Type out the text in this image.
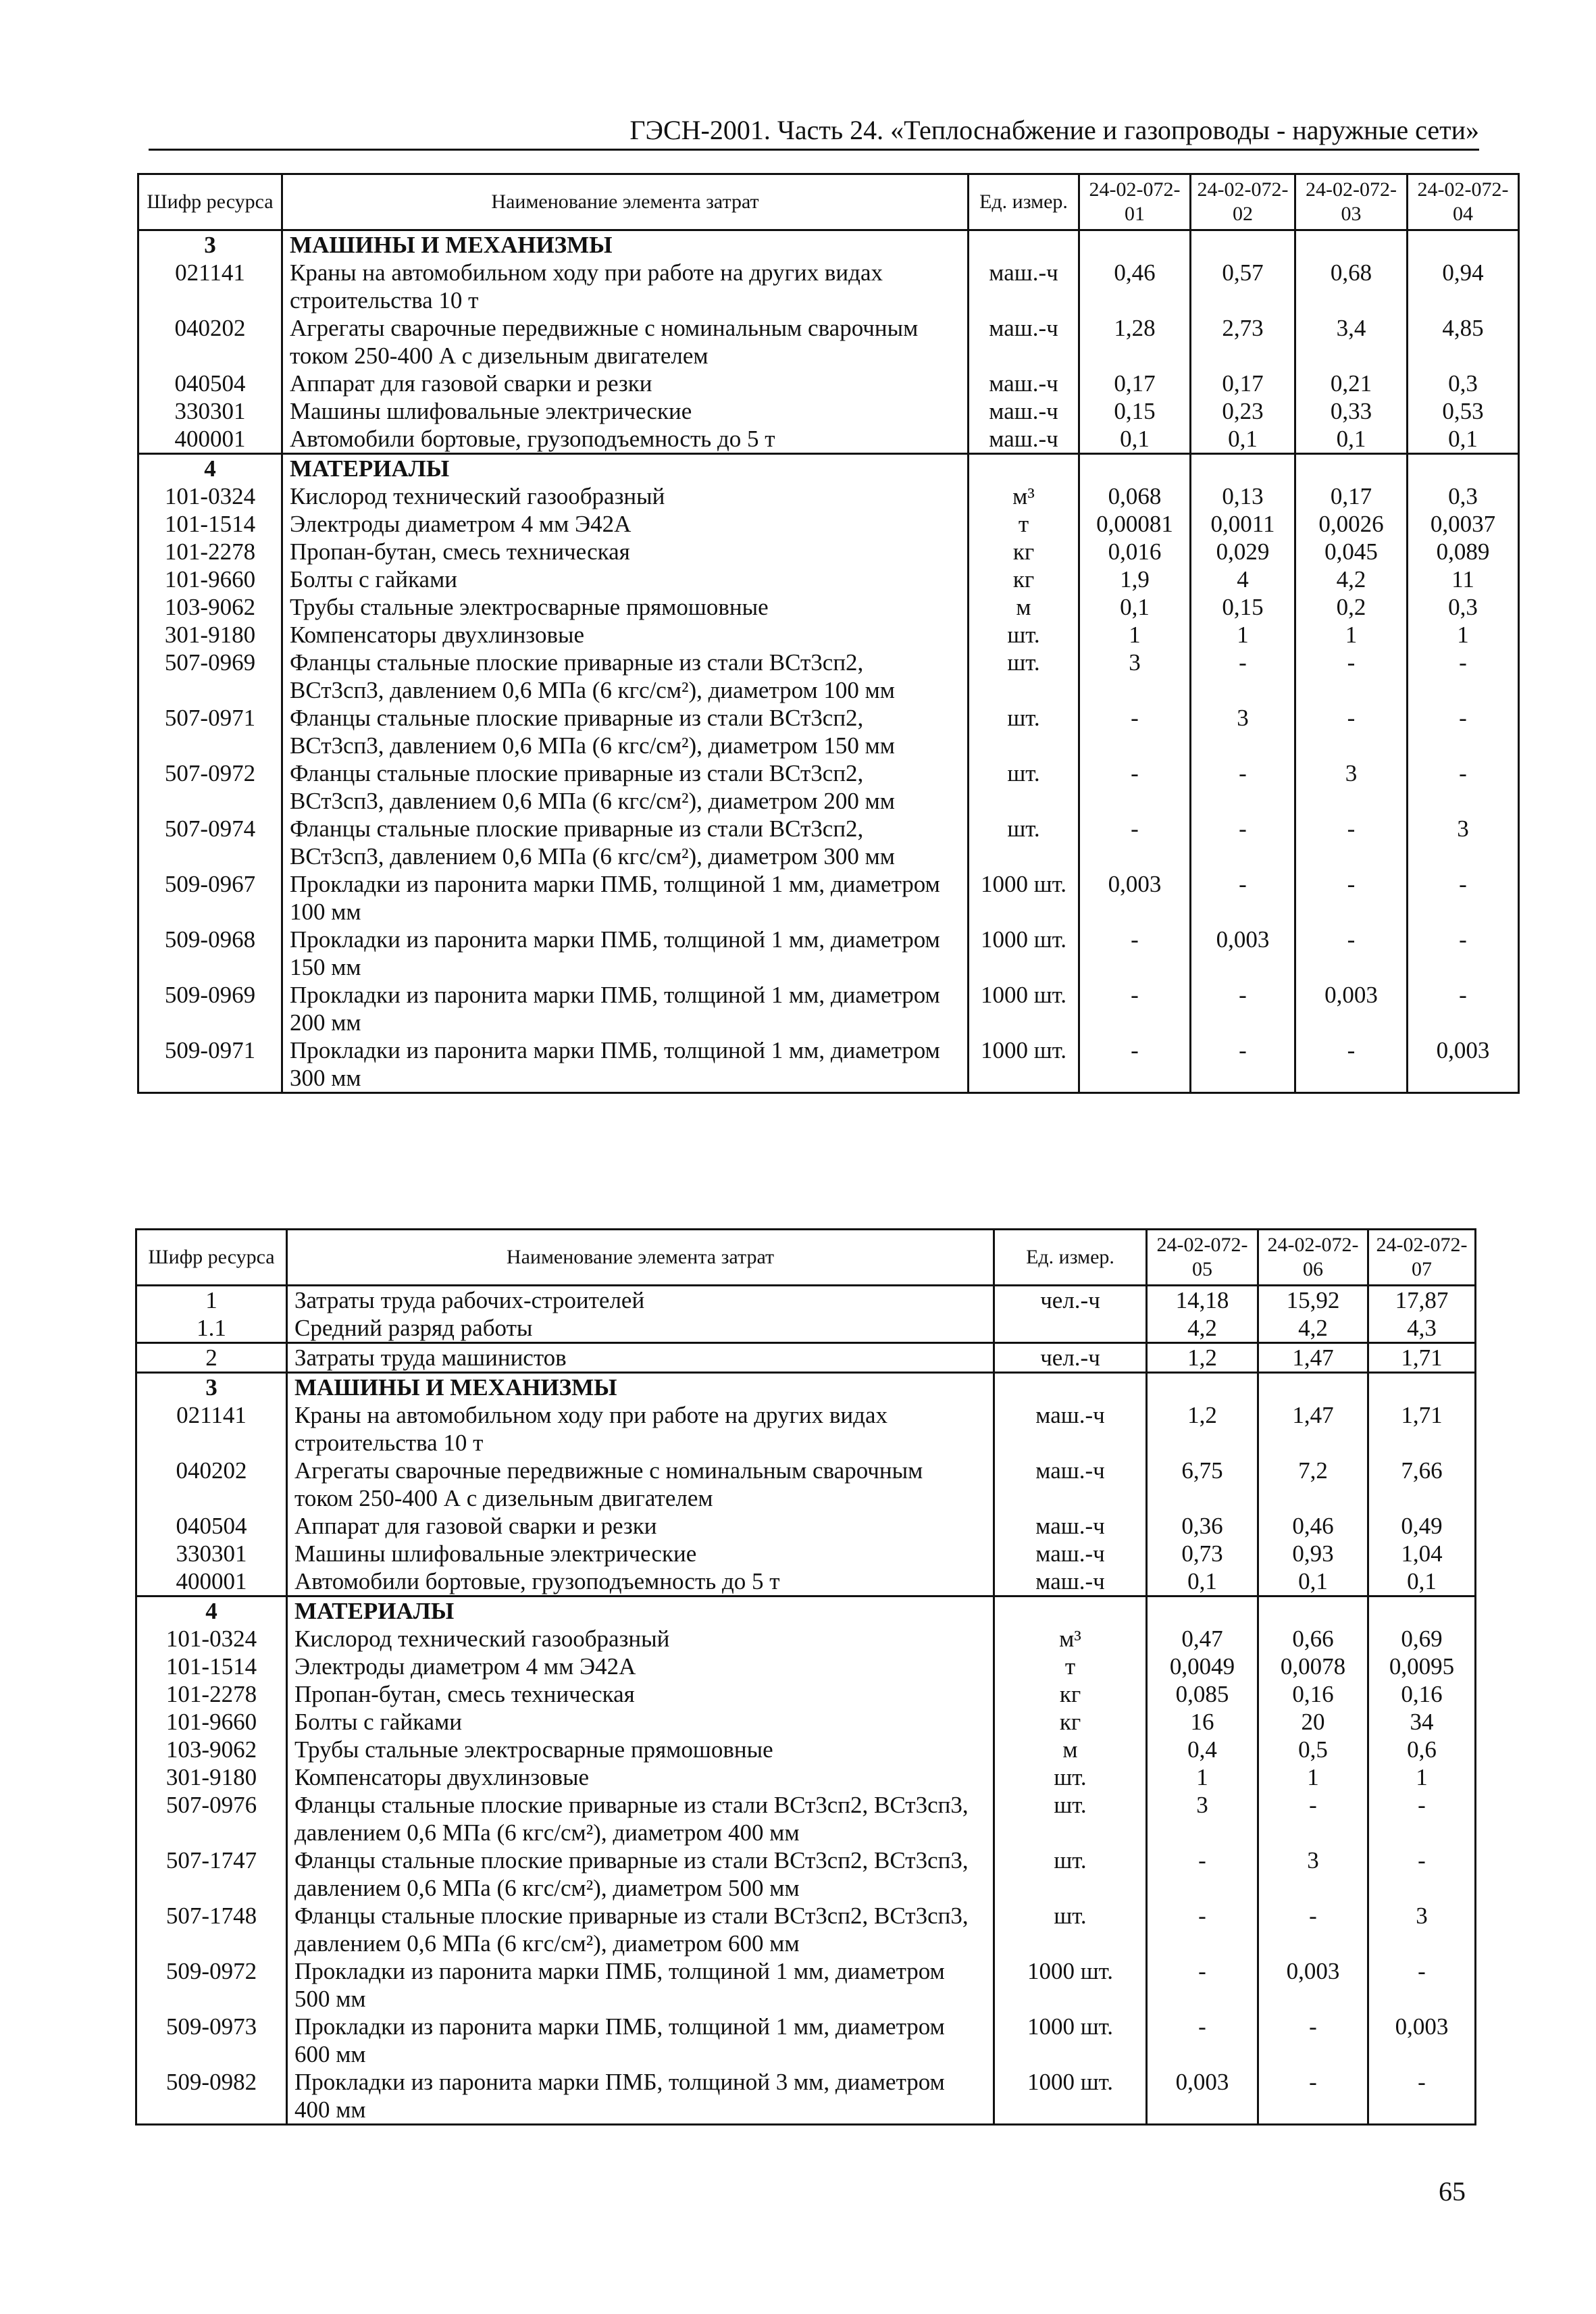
ГЭСН-2001. Часть 24. «Теплоснабжение и газопроводы - наружные сети»
Шифр ресурса	Наименование элемента затрат	Ед. измер.	24-02-072-01	24-02-072-02	24-02-072-03	24-02-072-04
3	МАШИНЫ И МЕХАНИЗМЫ					
021141	Краны на автомобильном ходу при работе на других видах строительства 10 т	маш.-ч	0,46	0,57	0,68	0,94
040202	Агрегаты сварочные передвижные с номинальным сварочным током 250-400 А с дизельным двигателем	маш.-ч	1,28	2,73	3,4	4,85
040504	Аппарат для газовой сварки и резки	маш.-ч	0,17	0,17	0,21	0,3
330301	Машины шлифовальные электрические	маш.-ч	0,15	0,23	0,33	0,53
400001	Автомобили бортовые, грузоподъемность до 5 т	маш.-ч	0,1	0,1	0,1	0,1
4	МАТЕРИАЛЫ					
101-0324	Кислород технический газообразный	м³	0,068	0,13	0,17	0,3
101-1514	Электроды диаметром 4 мм Э42А	т	0,00081	0,0011	0,0026	0,0037
101-2278	Пропан-бутан, смесь техническая	кг	0,016	0,029	0,045	0,089
101-9660	Болты с гайками	кг	1,9	4	4,2	11
103-9062	Трубы стальные электросварные прямошовные	м	0,1	0,15	0,2	0,3
301-9180	Компенсаторы двухлинзовые	шт.	1	1	1	1
507-0969	Фланцы стальные плоские приварные из стали ВСт3сп2, ВСт3сп3, давлением 0,6 МПа (6 кгс/см²), диаметром 100 мм	шт.	3	-	-	-
507-0971	Фланцы стальные плоские приварные из стали ВСт3сп2, ВСт3сп3, давлением 0,6 МПа (6 кгс/см²), диаметром 150 мм	шт.	-	3	-	-
507-0972	Фланцы стальные плоские приварные из стали ВСт3сп2, ВСт3сп3, давлением 0,6 МПа (6 кгс/см²), диаметром 200 мм	шт.	-	-	3	-
507-0974	Фланцы стальные плоские приварные из стали ВСт3сп2, ВСт3сп3, давлением 0,6 МПа (6 кгс/см²), диаметром 300 мм	шт.	-	-	-	3
509-0967	Прокладки из паронита марки ПМБ, толщиной 1 мм, диаметром 100 мм	1000 шт.	0,003	-	-	-
509-0968	Прокладки из паронита марки ПМБ, толщиной 1 мм, диаметром 150 мм	1000 шт.	-	0,003	-	-
509-0969	Прокладки из паронита марки ПМБ, толщиной 1 мм, диаметром 200 мм	1000 шт.	-	-	0,003	-
509-0971	Прокладки из паронита марки ПМБ, толщиной 1 мм, диаметром 300 мм	1000 шт.	-	-	-	0,003
Шифр ресурса	Наименование элемента затрат	Ед. измер.	24-02-072-05	24-02-072-06	24-02-072-07
1	Затраты труда рабочих-строителей	чел.-ч	14,18	15,92	17,87
1.1	Средний разряд работы		4,2	4,2	4,3
2	Затраты труда машинистов	чел.-ч	1,2	1,47	1,71
3	МАШИНЫ И МЕХАНИЗМЫ				
021141	Краны на автомобильном ходу при работе на других видах строительства 10 т	маш.-ч	1,2	1,47	1,71
040202	Агрегаты сварочные передвижные с номинальным сварочным током 250-400 А с дизельным двигателем	маш.-ч	6,75	7,2	7,66
040504	Аппарат для газовой сварки и резки	маш.-ч	0,36	0,46	0,49
330301	Машины шлифовальные электрические	маш.-ч	0,73	0,93	1,04
400001	Автомобили бортовые, грузоподъемность до 5 т	маш.-ч	0,1	0,1	0,1
4	МАТЕРИАЛЫ				
101-0324	Кислород технический газообразный	м³	0,47	0,66	0,69
101-1514	Электроды диаметром 4 мм Э42А	т	0,0049	0,0078	0,0095
101-2278	Пропан-бутан, смесь техническая	кг	0,085	0,16	0,16
101-9660	Болты с гайками	кг	16	20	34
103-9062	Трубы стальные электросварные прямошовные	м	0,4	0,5	0,6
301-9180	Компенсаторы двухлинзовые	шт.	1	1	1
507-0976	Фланцы стальные плоские приварные из стали ВСт3сп2, ВСт3сп3, давлением 0,6 МПа (6 кгс/см²), диаметром 400 мм	шт.	3	-	-
507-1747	Фланцы стальные плоские приварные из стали ВСт3сп2, ВСт3сп3, давлением 0,6 МПа (6 кгс/см²), диаметром 500 мм	шт.	-	3	-
507-1748	Фланцы стальные плоские приварные из стали ВСт3сп2, ВСт3сп3, давлением 0,6 МПа (6 кгс/см²), диаметром 600 мм	шт.	-	-	3
509-0972	Прокладки из паронита марки ПМБ, толщиной 1 мм, диаметром 500 мм	1000 шт.	-	0,003	-
509-0973	Прокладки из паронита марки ПМБ, толщиной 1 мм, диаметром 600 мм	1000 шт.	-	-	0,003
509-0982	Прокладки из паронита марки ПМБ, толщиной 3 мм, диаметром 400 мм	1000 шт.	0,003	-	-
65
